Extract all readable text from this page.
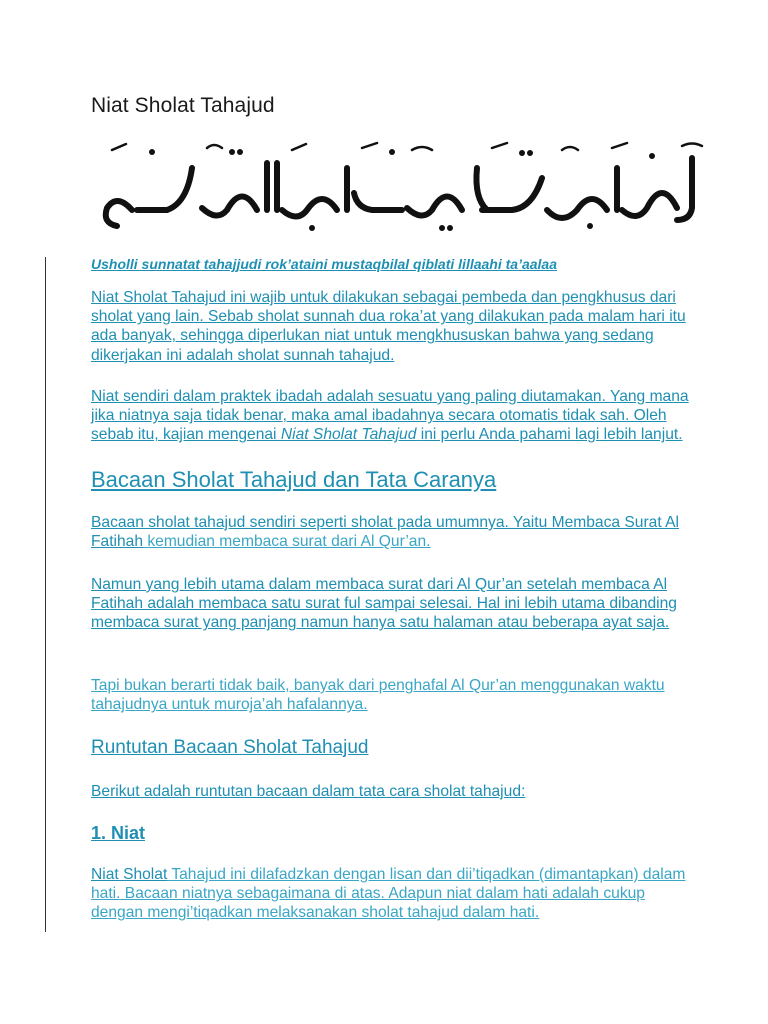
Niat Sholat Tahajud

Usholli sunnatat tahajjudi rok’ataini mustaqbilal qiblati lillaahi ta’aalaa

Niat Sholat Tahajud ini wajib untuk dilakukan sebagai pembeda dan pengkhusus dari sholat yang lain. Sebab sholat sunnah dua roka’at yang dilakukan pada malam hari itu ada banyak, sehingga diperlukan niat untuk mengkhususkan bahwa yang sedang dikerjakan ini adalah sholat sunnah tahajud.

Niat sendiri dalam praktek ibadah adalah sesuatu yang paling diutamakan. Yang mana jika niatnya saja tidak benar, maka amal ibadahnya secara otomatis tidak sah. Oleh sebab itu, kajian mengenai Niat Sholat Tahajud ini perlu Anda pahami lagi lebih lanjut.

Bacaan Sholat Tahajud dan Tata Caranya

Bacaan sholat tahajud sendiri seperti sholat pada umumnya. Yaitu Membaca Surat Al Fatihah kemudian membaca surat dari Al Qur’an.

Namun yang lebih utama dalam membaca surat dari Al Qur’an setelah membaca Al Fatihah adalah membaca satu surat ful sampai selesai. Hal ini lebih utama dibanding membaca surat yang panjang namun hanya satu halaman atau beberapa ayat saja.

Tapi bukan berarti tidak baik, banyak dari penghafal Al Qur’an menggunakan waktu tahajudnya untuk muroja’ah hafalannya.

Runtutan Bacaan Sholat Tahajud

Berikut adalah runtutan bacaan dalam tata cara sholat tahajud:

1. Niat

Niat Sholat Tahajud ini dilafadzkan dengan lisan dan dii’tiqadkan (dimantapkan) dalam hati. Bacaan niatnya sebagaimana di atas. Adapun niat dalam hati adalah cukup dengan mengi’tiqadkan melaksanakan sholat tahajud dalam hati.
